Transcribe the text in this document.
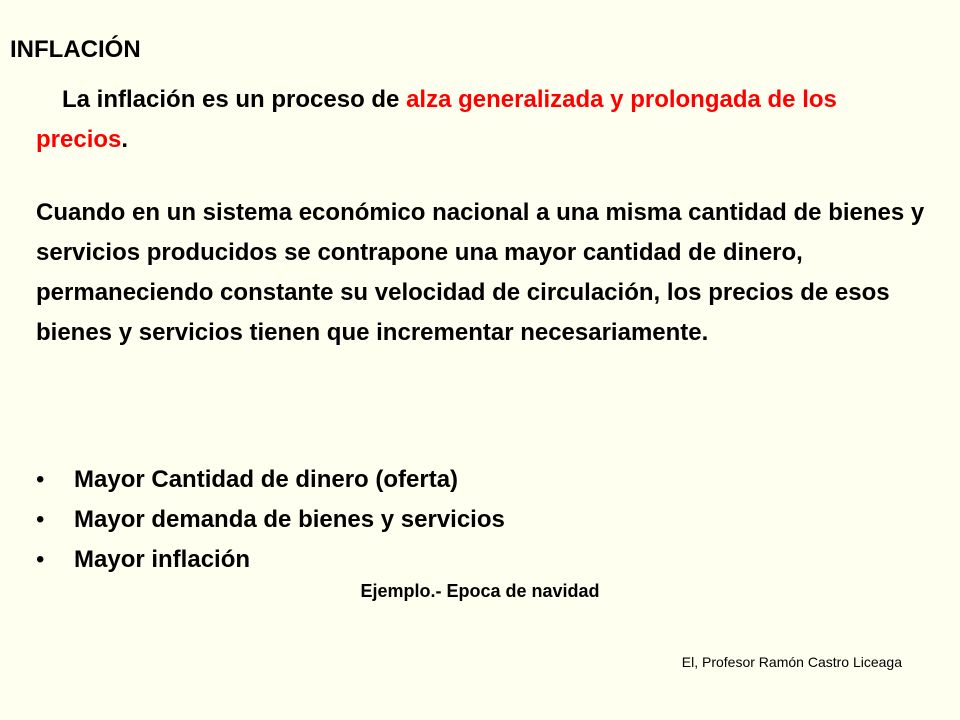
INFLACIÓN

La inflación es un proceso de alza generalizada y prolongada de los precios.

Cuando en un sistema económico nacional a una misma cantidad de bienes y servicios producidos se contrapone una mayor cantidad de dinero, permaneciendo constante su velocidad de circulación, los precios de esos bienes y servicios tienen que incrementar necesariamente.

• Mayor Cantidad de dinero (oferta)
• Mayor demanda de bienes y servicios
• Mayor inflación
Ejemplo.- Epoca de navidad
El, Profesor Ramón Castro Liceaga
